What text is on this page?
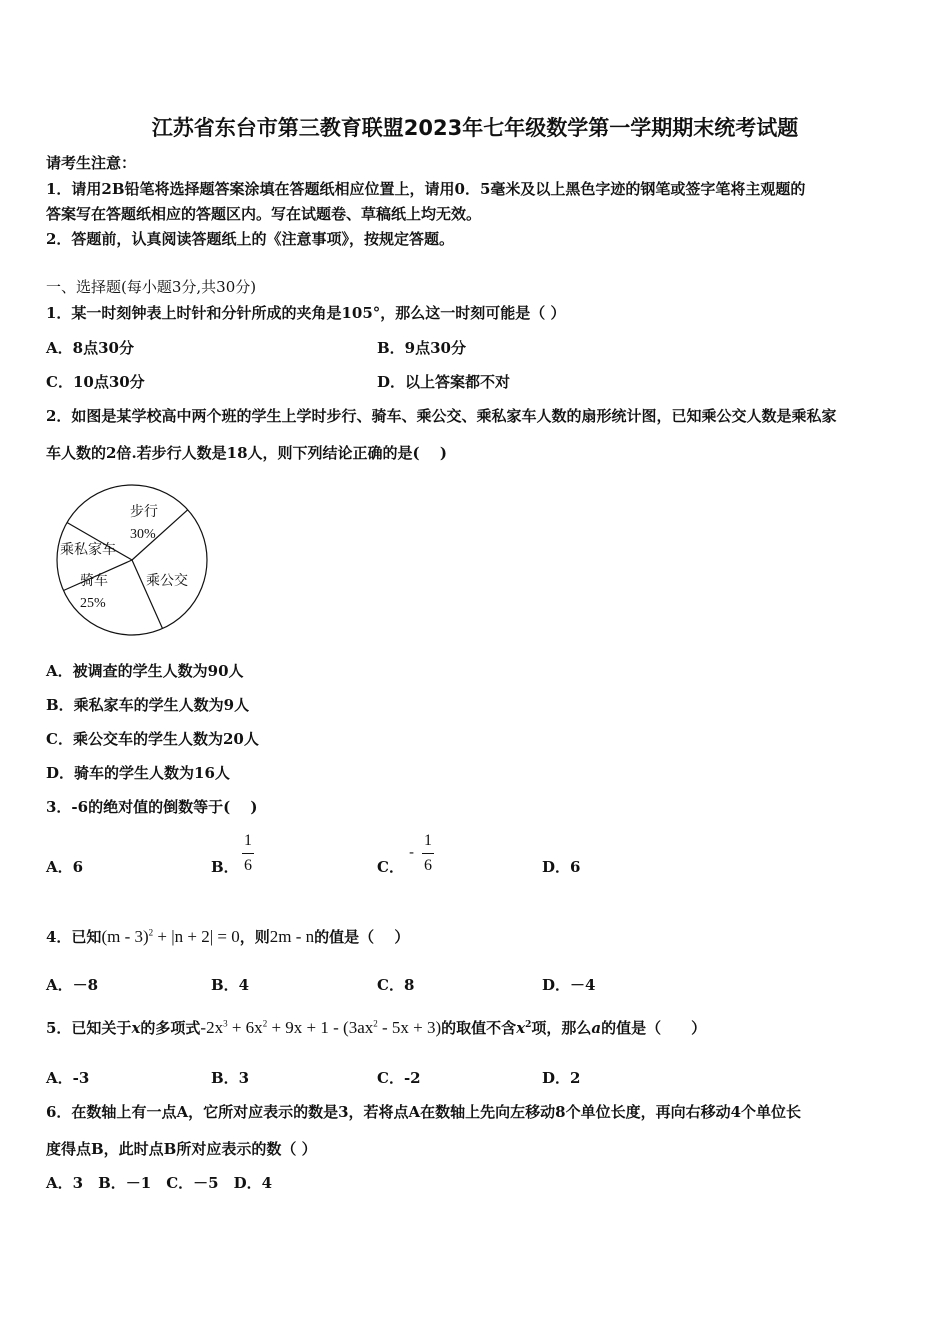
江苏省东台市第三教育联盟2023年七年级数学第一学期期末统考试题
请考生注意：
1．请用2B铅笔将选择题答案涂填在答题纸相应位置上，请用0．5毫米及以上黑色字迹的钢笔或签字笔将主观题的
答案写在答题纸相应的答题区内。写在试题卷、草稿纸上均无效。
2．答题前，认真阅读答题纸上的《注意事项》，按规定答题。
一、选择题(每小题3分,共30分)
1．某一时刻钟表上时针和分针所成的夹角是105°，那么这一时刻可能是（ ）
A．8点30分	B．9点30分
C．10点30分	D．以上答案都不对
2．如图是某学校高中两个班的学生上学时步行、骑车、乘公交、乘私家车人数的扇形统计图，已知乘公交人数是乘私家
车人数的2倍.若步行人数是18人，则下列结论正确的是(　 )
步行
30%
乘公交
骑车
25%
乘私家车
A．被调查的学生人数为90人
B．乘私家车的学生人数为9人
C．乘公交车的学生人数为20人
D．骑车的学生人数为16人
3．-6的绝对值的倒数等于(　 )
A．6	B． $\frac{1}{6}$	C．
- $\frac{1}{6}$	D．6
4．已知(m - 3)$^2$ + |n + 2| = 0，则2m - n的值是（　 ）
A．－8	B．4	C．8	D．－4
5．已知关于x的多项式$-2x^3 + 6x^2 + 9x + 1 - (3ax^2 - 5x + 3)$的取值不含$x^2$项，那么a的值是（　　）
A．-3	B．3	C．-2	D．2
6．在数轴上有一点A，它所对应表示的数是3，若将点A在数轴上先向左移动8个单位长度，再向右移动4个单位长
度得点B，此时点B所对应表示的数（ ）
A．3　B．－1　C．－5　D．4
